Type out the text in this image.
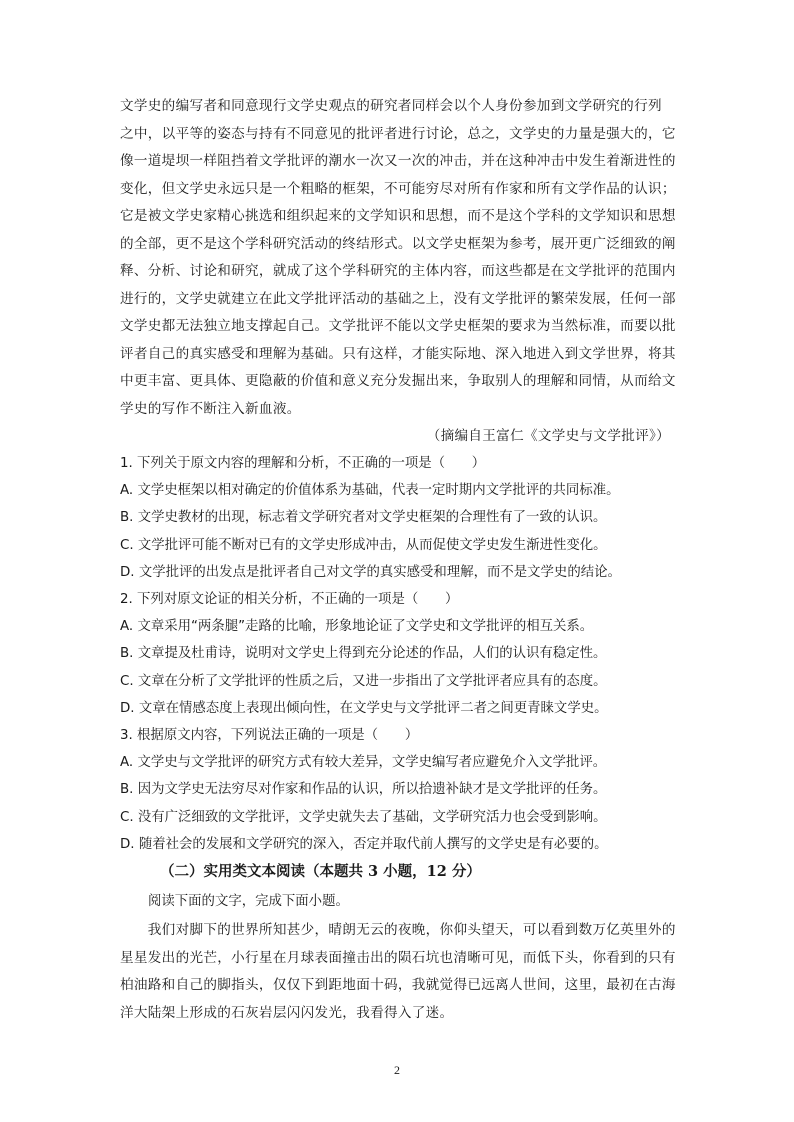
文学史的编写者和同意现行文学史观点的研究者同样会以个人身份参加到文学研究的行列
之中，以平等的姿态与持有不同意见的批评者进行讨论，总之，文学史的力量是强大的，它
像一道堤坝一样阻挡着文学批评的潮水一次又一次的冲击，并在这种冲击中发生着渐进性的
变化，但文学史永远只是一个粗略的框架，不可能穷尽对所有作家和所有文学作品的认识；
它是被文学史家精心挑选和组织起来的文学知识和思想，而不是这个学科的文学知识和思想
的全部，更不是这个学科研究活动的终结形式。以文学史框架为参考，展开更广泛细致的阐
释、分析、讨论和研究，就成了这个学科研究的主体内容，而这些都是在文学批评的范围内
进行的，文学史就建立在此文学批评活动的基础之上，没有文学批评的繁荣发展，任何一部
文学史都无法独立地支撑起自己。文学批评不能以文学史框架的要求为当然标准，而要以批
评者自己的真实感受和理解为基础。只有这样，才能实际地、深入地进入到文学世界，将其
中更丰富、更具体、更隐蔽的价值和意义充分发掘出来，争取别人的理解和同情，从而给文
学史的写作不断注入新血液。
（摘编自王富仁《文学史与文学批评》）
1. 下列关于原文内容的理解和分析，不正确的一项是（　　）
A. 文学史框架以相对确定的价值体系为基础，代表一定时期内文学批评的共同标准。
B. 文学史教材的出现，标志着文学研究者对文学史框架的合理性有了一致的认识。
C. 文学批评可能不断对已有的文学史形成冲击，从而促使文学史发生渐进性变化。
D. 文学批评的出发点是批评者自己对文学的真实感受和理解，而不是文学史的结论。
2. 下列对原文论证的相关分析，不正确的一项是（　　）
A. 文章采用“两条腿”走路的比喻，形象地论证了文学史和文学批评的相互关系。
B. 文章提及杜甫诗，说明对文学史上得到充分论述的作品，人们的认识有稳定性。
C. 文章在分析了文学批评的性质之后，又进一步指出了文学批评者应具有的态度。
D. 文章在情感态度上表现出倾向性，在文学史与文学批评二者之间更青睐文学史。
3. 根据原文内容，下列说法正确的一项是（　　）
A. 文学史与文学批评的研究方式有较大差异，文学史编写者应避免介入文学批评。
B. 因为文学史无法穷尽对作家和作品的认识，所以拾遗补缺才是文学批评的任务。
C. 没有广泛细致的文学批评，文学史就失去了基础，文学研究活力也会受到影响。
D. 随着社会的发展和文学研究的深入，否定并取代前人撰写的文学史是有必要的。
（二）实用类文本阅读（本题共 3 小题，12 分）
阅读下面的文字，完成下面小题。
　　我们对脚下的世界所知甚少，晴朗无云的夜晚，你仰头望天，可以看到数万亿英里外的
星星发出的光芒，小行星在月球表面撞击出的陨石坑也清晰可见，而低下头，你看到的只有
柏油路和自己的脚指头，仅仅下到距地面十码，我就觉得已远离人世间，这里，最初在古海
洋大陆架上形成的石灰岩层闪闪发光，我看得入了迷。
2
